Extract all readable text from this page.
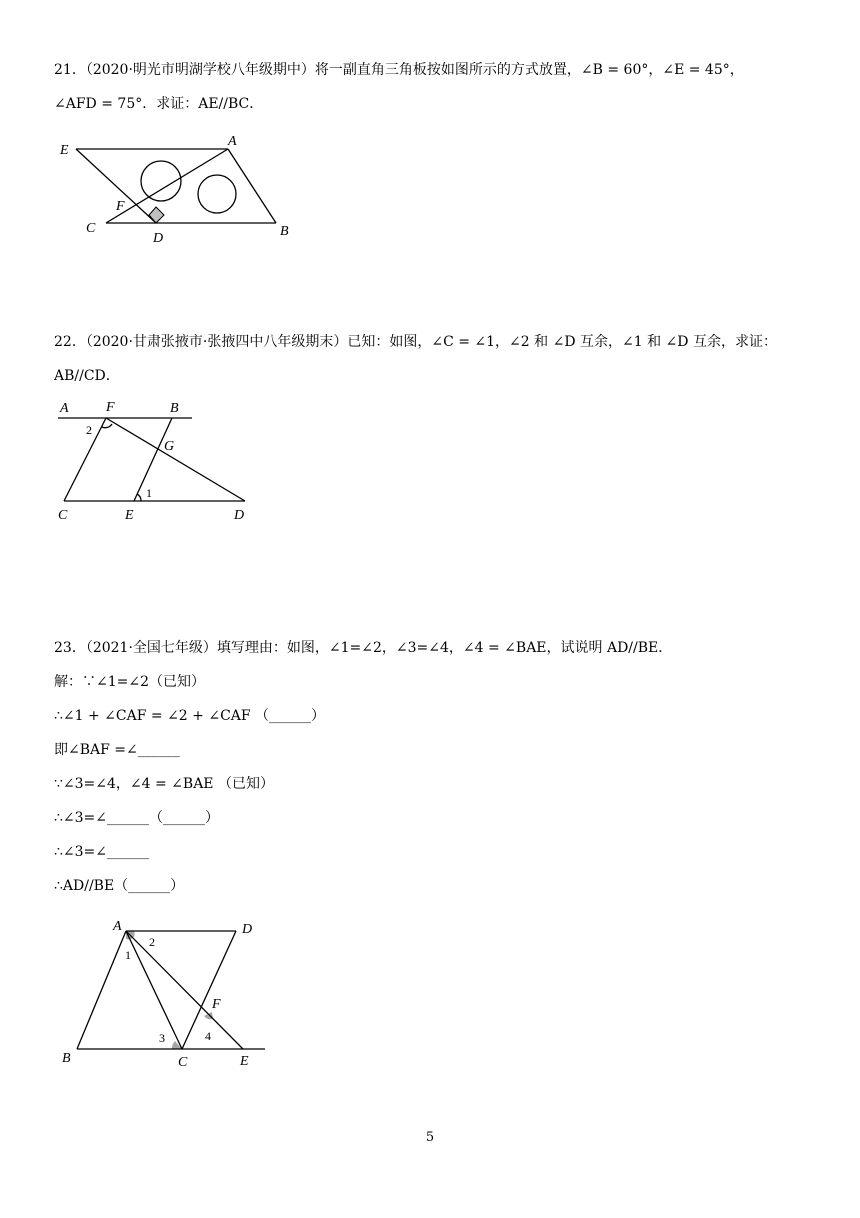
21．（2020·明光市明湖学校八年级期中）将一副直角三角板按如图所示的方式放置，∠B = 60°，∠E = 45°，
∠AFD = 75°．求证：AE//BC．
E
A
F
C
D	B
22．（2020·甘肃张掖市·张掖四中八年级期末）已知：如图，∠C = ∠1，∠2 和 ∠D 互余，∠1 和 ∠D 互余，求证：
AB//CD．
A	F	B
G
C	E	D
1
2
23．（2021·全国七年级）填写理由：如图，∠1=∠2，∠3=∠4，∠4 = ∠BAE，试说明 AD//BE．
解：∵∠1=∠2（已知）
∴∠1 + ∠CAF = ∠2 + ∠CAF （______）
即∠BAF =∠______
∵∠3=∠4，∠4 = ∠BAE （已知）
∴∠3=∠______（______）
∴∠3=∠______
∴AD//BE（______）
A	D
B	C	E
F
1
2
3	4
5
